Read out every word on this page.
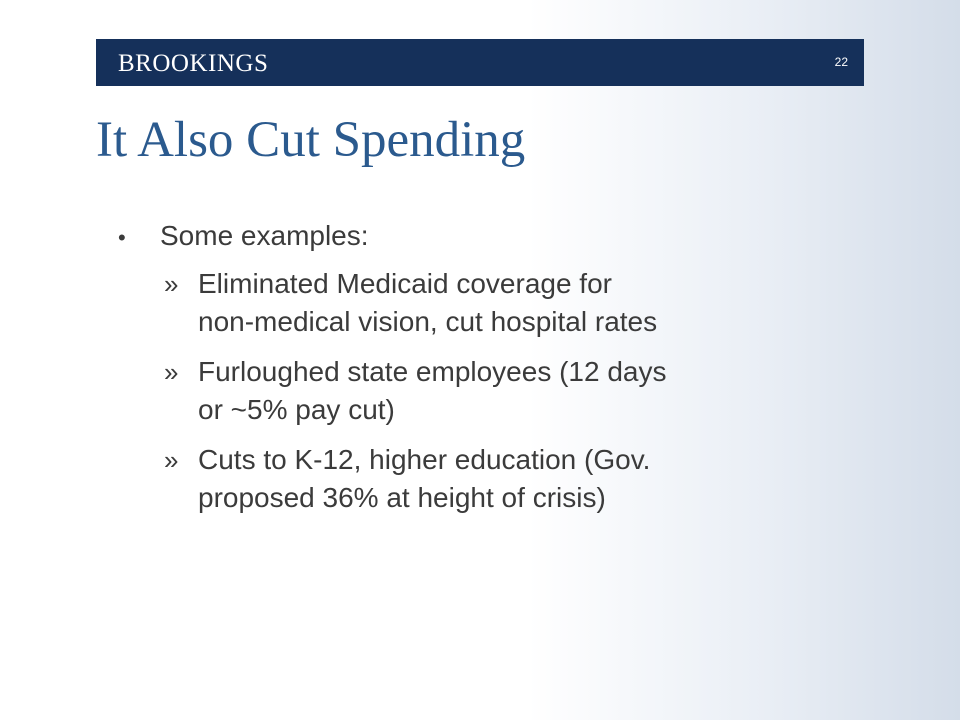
BROOKINGS	22
It Also Cut Spending
•	Some examples:
» Eliminated Medicaid coverage for
non-medical vision, cut hospital rates
» Furloughed state employees (12 days
or ~5% pay cut)
» Cuts to K-12, higher education (Gov.
proposed 36% at height of crisis)
